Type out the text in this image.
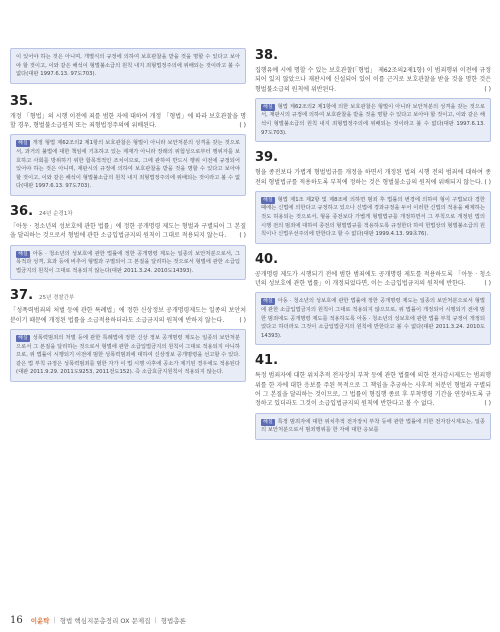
이 있어야 하는 것은 아니며, 개별식의 규정에 의하여 보호관찰을 받을 것을 명할 수 있다고 보아야 할 것이고, 이와 같은 해석이 형벌불소급의 원칙 내지 죄형법정주의에 위배되는 것이라고 볼 수 없다(대판 1997.6.13. 97도703).
35.

개정 「형법」의 시행 이전에 죄를 범한 자에 대하여 개정 「형법」에 따라 보호관찰을 명할 경우, 형벌불소급원칙 또는 죄형법정주의에 위배된다.	( )

해설 개정 형법 제62조의2 제1항의 보호관찰은 형벌이 아니라 보안처분의 성격을 갖는 것으로서, 과거의 불법에 대한 책임에 기초하고 있는 제재가 아니라 장래의 위험성으로부터 행위자를 보호하고 사회를 방위하기 위한 합목적적인 조치이므로, 그에 관하여 반드시 행위 이전에 규정되어 있어야 하는 것은 아니며, 재판시의 규정에 의하여 보호관찰을 받을 것을 명할 수 있다고 보아야 할 것이고, 이와 같은 해석이 형벌불소급의 원칙 내지 죄형법정주의에 위배되는 것이라고 볼 수 없다(대판 1997.6.13. 97도703).
36. 24년 순경1차

「아동 · 청소년의 성보호에 관한 법률」에 정한 공개명령 제도는 형벌과 구별되어 그 본질을 달리하는 것으로서 형벌에 관한 소급입법금지의 원칙이 그대로 적용되지 않는다. ( )

해설 아동 · 청소년의 성보호에 관한 법률에 정한 공개명령 제도는 일종의 보안처분으로서, 그 목적과 성격, 효과 등에 비추어 형벌과 구별되어 그 본질을 달리하는 것으로서 형벌에 관한 소급입법금지의 원칙이 그대로 적용되지 않는다(대판 2011.3.24. 2010도14393).
37. 25년 경찰간부

「성폭력범죄의 처벌 등에 관한 특례법」에 정한 신상정보 공개명령제도는 일종의 보안처분이기 때문에 개정된 법률을 소급적용하더라도 소급금지의 원칙에 반하지 않는다.	( )

해설 성폭력범죄의 처벌 등에 관한 특례법에 정한 신상 정보 공개명령 제도는 일종의 보안처분으로서 그 본질을 달리하는 것으로서 형벌에 관한 소급입법금지의 원칙이 그대로 적용되지 아니하므로, 위 법률이 시행되기 이전에 범한 성폭력범죄에 대하여 신상정보 공개명령을 선고할 수 있다. 같은 법 부칙 규정은 성폭력범죄를 범한 자가 이 법 시행 이후에 공소가 제기된 경우에도 적용된다(대판 2011.9.29. 2011도9253, 2011전도152). 즉 소급효금지원칙이 적용되지 않는다.
38.

집행유예 시에 명할 수 있는 보호관찰(「형법」 제62조의2제1항) 이 범죄행위 이전에 규정되어 있지 않았으나 재판시에 신설되어 있어 이를 근거로 보호관찰을 받을 것을 명한 것은 형벌불소급의 원칙에 위반된다.	( )

해설 형법 제62조의2 제1항에 의한 보호관찰은 형벌이 아니라 보안처분의 성격을 갖는 것으로서, 재판시의 규정에 의하여 보호관찰을 받을 것을 명할 수 있다고 보아야 할 것이고, 이와 같은 해석이 형벌불소급의 원칙 내지 죄형법정주의에 위배되는 것이라고 볼 수 없다(대판 1997.6.13. 97도703).
39.

형을 종전보다 가볍게 형벌법규를 개정을 하면서 개정된 법의 시행 전의 범죄에 대하여 종전의 형벌법규를 적용하도록 부칙에 정하는 것은 형벌불소급의 원칙에 위배되지 않는다. ( )

해설 형법 제1조 제2항 및 제8조에 의하면 범죄 후 법률의 변경에 의하여 형이 구법보다 경한 때에는 신법에 의한다고 규정하고 있으나 신법에 경과규정을 두어 이러한 신법의 적용을 배제하는 것도 허용되는 것으로서, 형을 종전보다 가볍게 형벌법규를 개정하면서 그 부칙으로 개정된 법의 시행 전의 범죄에 대하여 종전의 형벌법규를 적용하도록 규정한다 하여 헌법상의 형벌불소급의 원칙이나 신법우선주의에 반한다고 할 수 없다(대판 1999.4.13. 99초76).
40.

공개명령 제도가 시행되기 전에 범한 범죄에도 공개명령 제도를 적용하도록 「아동 · 청소년의 성보호에 관한 법률」이 개정되었다면, 이는 소급입법금지의 원칙에 반한다.	( )

해설 아동 · 청소년의 성보호에 관한 법률에 정한 공개명령 제도는 일종의 보안처분으로서 형벌에 관한 소급입법금지의 원칙이 그대로 적용되지 않으므로, 위 법률이 개정되어 시행되기 전에 범한 범죄에도 공개명령 제도를 적용하도록 아동 · 청소년의 성보호에 관한 법률 부칙 규정이 개정되었다고 하더라도 그것이 소급입법금지의 원칙에 반한다고 볼 수 없다(대판 2011.3.24. 2010도14393).
41.

특정 범죄자에 대한 위치추적 전자장치 부착 등에 관한 법률에 의한 전자감시제도는 범죄행위를 한 자에 대한 응보를 주된 목적으로 그 책임을 추궁하는 사후적 처분인 형벌과 구별되어 그 본질을 달리하는 것이므로, 그 법률이 형집행 종료 후 부착명령 기간을 연장하도록 규정하고 있더라도 그것이 소급입법금지의 원칙에 반한다고 볼 수 없다.	( )

해설 특정 범죄자에 대한 위치추적 전자장치 부착 등에 관한 법률에 의한 전자감시제도는, 일종의 보안처분으로서 범죄행위를 한 자에 대한 응보를
16 이윤탁 | 형법 핵심지문총정리 OX 문제집 | 형법총론
